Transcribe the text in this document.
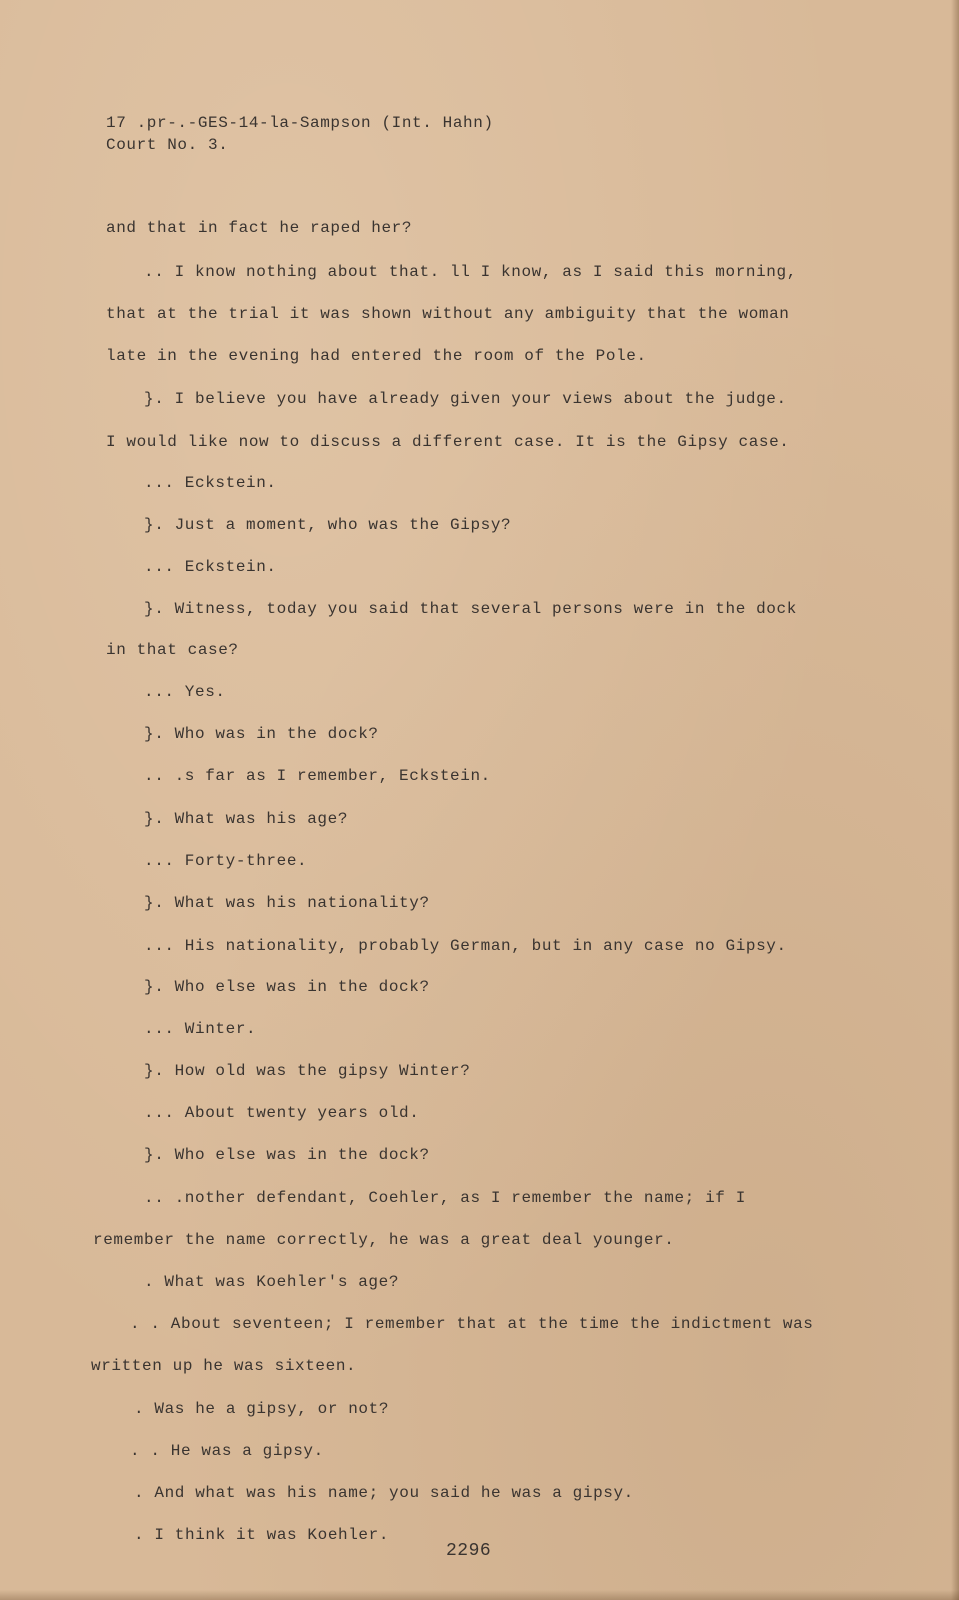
17 .pr-.-GES-14-la-Sampson (Int. Hahn)
Court No. 3.
and that in fact he raped her?
.. I know nothing about that. ll I know, as I said this morning,
that at the trial it was shown without any ambiguity that the woman
late in the evening had entered the room of the Pole.
}. I believe you have already given your views about the judge.
I would like now to discuss a different case. It is the Gipsy case.
... Eckstein.
}. Just a moment, who was the Gipsy?
... Eckstein.
}. Witness, today you said that several persons were in the dock
in that case?
... Yes.
}. Who was in the dock?
.. .s far as I remember, Eckstein.
}. What was his age?
... Forty-three.
}. What was his nationality?
... His nationality, probably German, but in any case no Gipsy.
}. Who else was in the dock?
... Winter.
}. How old was the gipsy Winter?
... About twenty years old.
}. Who else was in the dock?
.. .nother defendant, Coehler, as I remember the name; if I
remember the name correctly, he was a great deal younger.
. What was Koehler's age?
. . About seventeen; I remember that at the time the indictment was
written up he was sixteen.
. Was he a gipsy, or not?
. . He was a gipsy.
. And what was his name; you said he was a gipsy.
. I think it was Koehler.
2296
